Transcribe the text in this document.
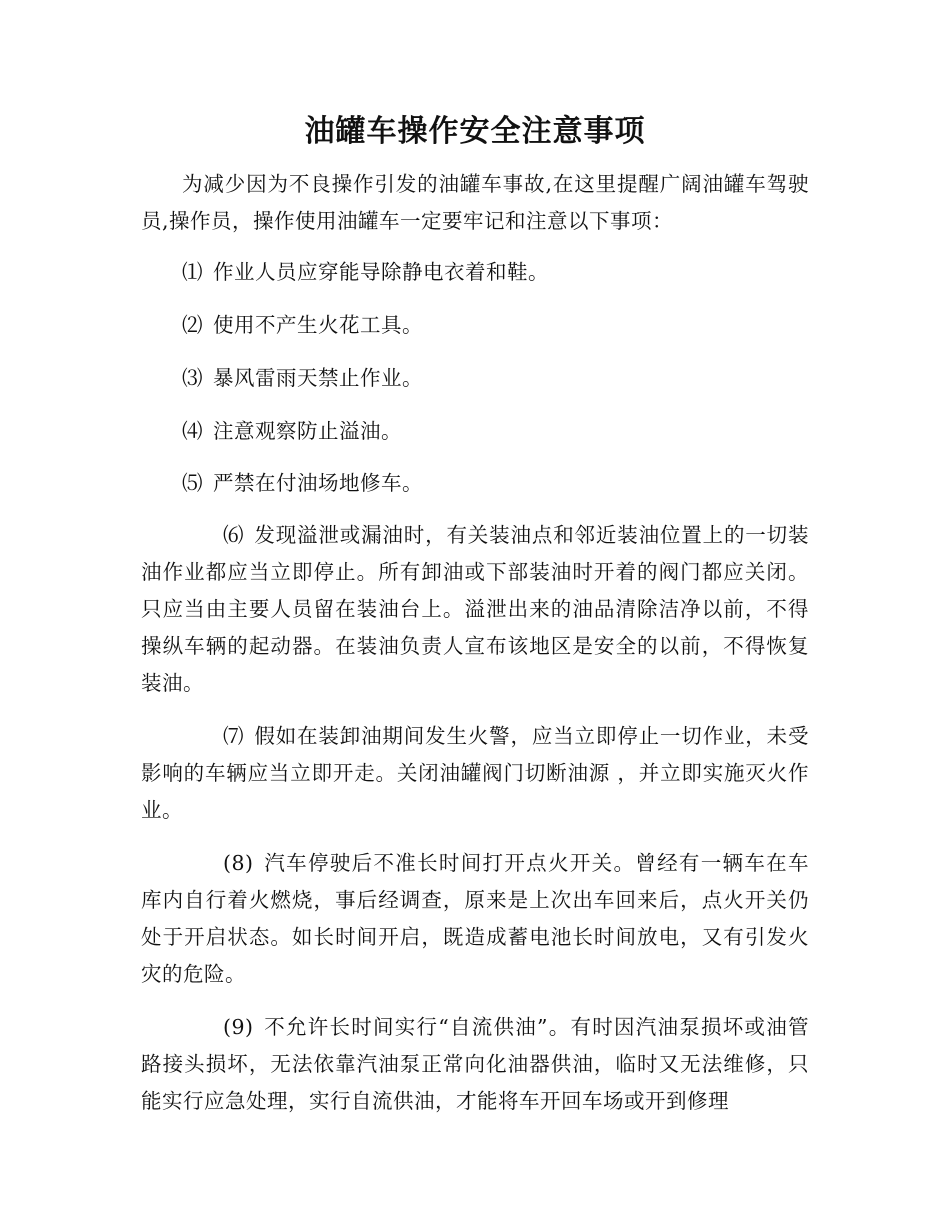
油罐车操作安全注意事项

为减少因为不良操作引发的油罐车事故,在这里提醒广阔油罐车驾驶员,操作员，操作使用油罐车一定要牢记和注意以下事项：

⑴ 作业人员应穿能导除静电衣着和鞋。

⑵ 使用不产生火花工具。

⑶ 暴风雷雨天禁止作业。

⑷ 注意观察防止溢油。

⑸ 严禁在付油场地修车。

⑹ 发现溢泄或漏油时，有关装油点和邻近装油位置上的一切装油作业都应当立即停止。所有卸油或下部装油时开着的阀门都应关闭。只应当由主要人员留在装油台上。溢泄出来的油品清除洁净以前，不得操纵车辆的起动器。在装油负责人宣布该地区是安全的以前，不得恢复装油。

⑺ 假如在装卸油期间发生火警，应当立即停止一切作业，未受影响的车辆应当立即开走。关闭油罐阀门切断油源 ，并立即实施灭火作业。

(8) 汽车停驶后不准长时间打开点火开关。曾经有一辆车在车库内自行着火燃烧，事后经调查，原来是上次出车回来后，点火开关仍处于开启状态。如长时间开启，既造成蓄电池长时间放电，又有引发火灾的危险。

(9) 不允许长时间实行“自流供油”。有时因汽油泵损坏或油管路接头损坏，无法依靠汽油泵正常向化油器供油，临时又无法维修，只能实行应急处理，实行自流供油，才能将车开回车场或开到修理
